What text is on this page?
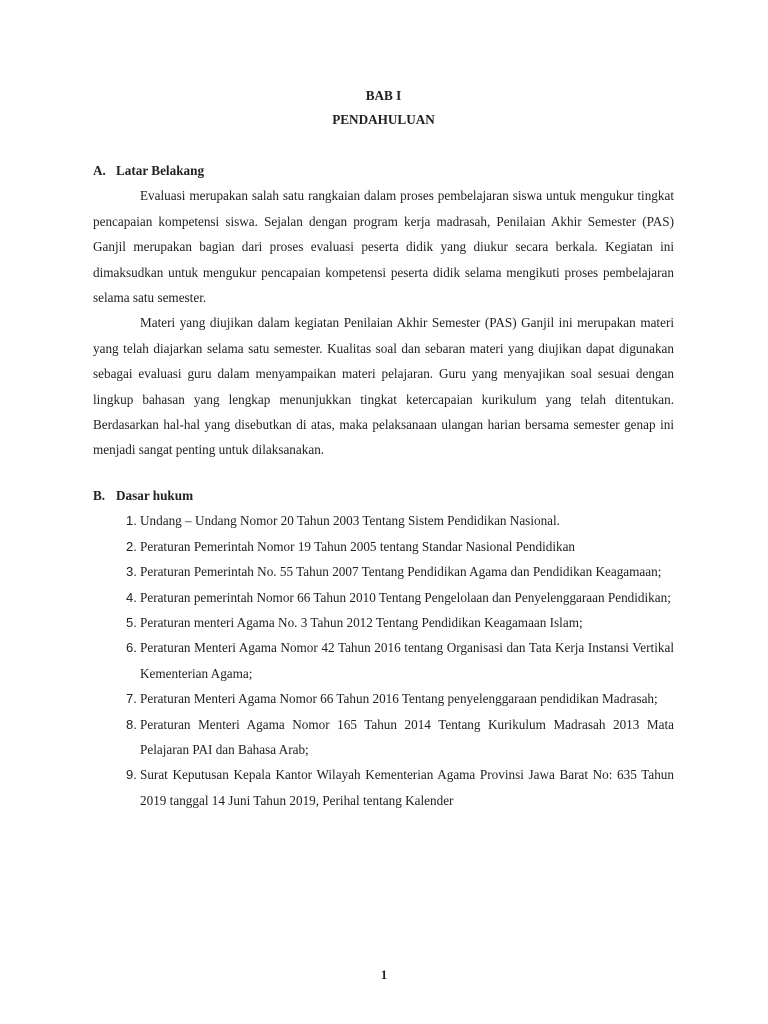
BAB I

PENDAHULUAN

A. Latar Belakang

Evaluasi merupakan salah satu rangkaian dalam proses pembelajaran siswa untuk mengukur tingkat pencapaian kompetensi siswa. Sejalan dengan program kerja madrasah, Penilaian Akhir Semester (PAS) Ganjil merupakan bagian dari proses evaluasi peserta didik yang diukur secara berkala. Kegiatan ini dimaksudkan untuk mengukur pencapaian kompetensi peserta didik selama mengikuti proses pembelajaran selama satu semester.

Materi yang diujikan dalam kegiatan Penilaian Akhir Semester (PAS) Ganjil ini merupakan materi yang telah diajarkan selama satu semester. Kualitas soal dan sebaran materi yang diujikan dapat digunakan sebagai evaluasi guru dalam menyampaikan materi pelajaran. Guru yang menyajikan soal sesuai dengan lingkup bahasan yang lengkap menunjukkan tingkat ketercapaian kurikulum yang telah ditentukan. Berdasarkan hal-hal yang disebutkan di atas, maka pelaksanaan ulangan harian bersama semester genap ini menjadi sangat penting untuk dilaksanakan.

B. Dasar hukum
1. Undang – Undang Nomor 20 Tahun 2003 Tentang Sistem Pendidikan Nasional.
2. Peraturan Pemerintah Nomor 19 Tahun 2005 tentang Standar Nasional Pendidikan
3. Peraturan Pemerintah No. 55 Tahun 2007 Tentang Pendidikan Agama dan Pendidikan Keagamaan;
4. Peraturan pemerintah Nomor 66 Tahun 2010 Tentang Pengelolaan dan Penyelenggaraan Pendidikan;
5. Peraturan menteri Agama No. 3 Tahun 2012 Tentang Pendidikan Keagamaan Islam;
6. Peraturan Menteri Agama Nomor 42 Tahun 2016 tentang Organisasi dan Tata Kerja Instansi Vertikal Kementerian Agama;
7. Peraturan Menteri Agama Nomor 66 Tahun 2016 Tentang penyelenggaraan pendidikan Madrasah;
8. Peraturan Menteri Agama Nomor 165 Tahun 2014 Tentang Kurikulum Madrasah 2013 Mata Pelajaran PAI dan Bahasa Arab;
9. Surat Keputusan Kepala Kantor Wilayah Kementerian Agama Provinsi Jawa Barat No: 635 Tahun 2019 tanggal 14 Juni Tahun 2019, Perihal tentang Kalender
1
